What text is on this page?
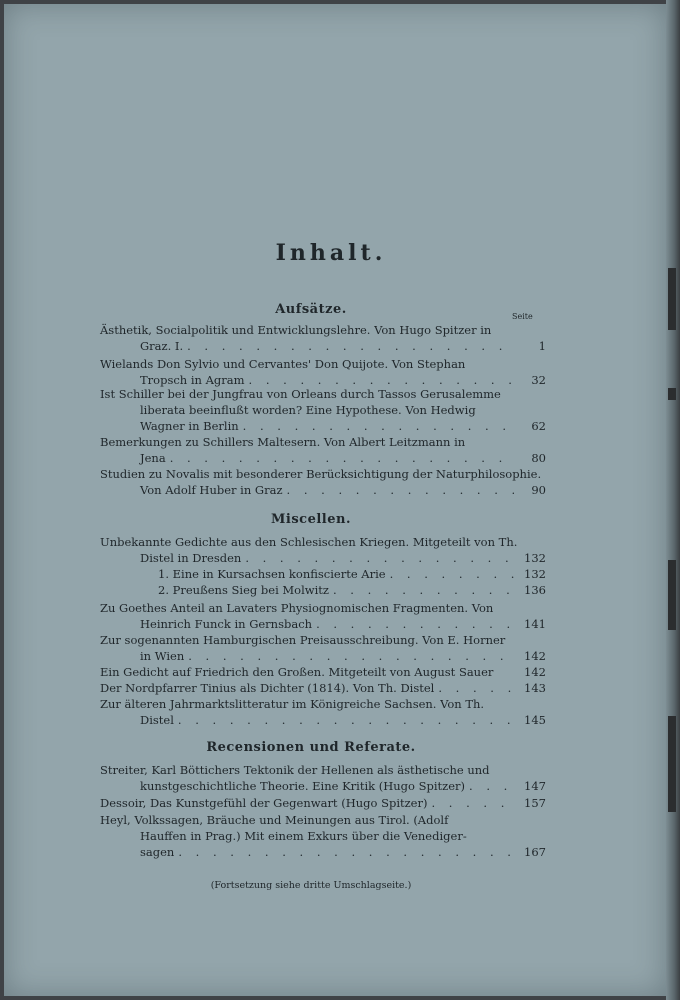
Inhalt.
Aufsätze.	Seite
Ästhetik, Socialpolitik und Entwicklungslehre. Von Hugo Spitzer in
Graz. I. . . .	1
Wielands Don Sylvio und Cervantes' Don Quijote. Von Stephan
Tropsch in Agram . . .	32
Ist Schiller bei der Jungfrau von Orleans durch Tassos Gerusalemme
liberata beeinflußt worden? Eine Hypothese. Von Hedwig
Wagner in Berlin . . .	62
Bemerkungen zu Schillers Maltesern. Von Albert Leitzmann in
Jena . . .	80
Studien zu Novalis mit besonderer Berücksichtigung der Naturphilosophie.
Von Adolf Huber in Graz . . .	90
Miscellen.
Unbekannte Gedichte aus den Schlesischen Kriegen. Mitgeteilt von Th.
Distel in Dresden . . .	132
1. Eine in Kursachsen konfiscierte Arie . . .	132
2. Preußens Sieg bei Molwitz . . .	136
Zu Goethes Anteil an Lavaters Physiognomischen Fragmenten. Von
Heinrich Funck in Gernsbach . . .	141
Zur sogenannten Hamburgischen Preisausschreibung. Von E. Horner
in Wien . . .	142
Ein Gedicht auf Friedrich den Großen. Mitgeteilt von August Sauer	142
Der Nordpfarrer Tinius als Dichter (1814). Von Th. Distel . . .	143
Zur älteren Jahrmarktslitteratur im Königreiche Sachsen. Von Th.
Distel . . .	145
Recensionen und Referate.
Streiter, Karl Böttichers Tektonik der Hellenen als ästhetische und
kunstgeschichtliche Theorie. Eine Kritik (Hugo Spitzer) . . .	147
Dessoir, Das Kunstgefühl der Gegenwart (Hugo Spitzer) . . .	157
Heyl, Volkssagen, Bräuche und Meinungen aus Tirol. (Adolf
Hauffen in Prag.) Mit einem Exkurs über die Venediger-
sagen . . .	167
(Fortsetzung siehe dritte Umschlagseite.)
